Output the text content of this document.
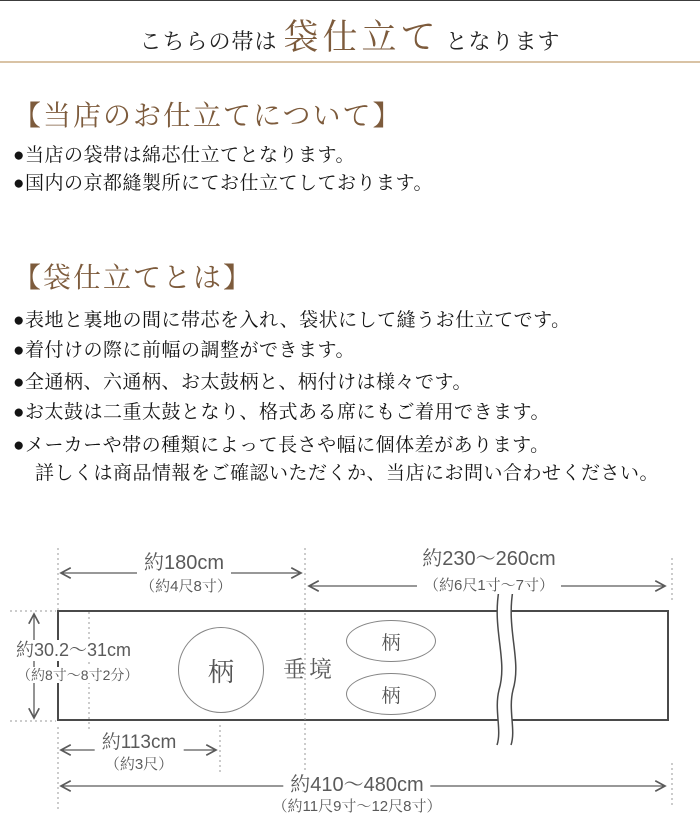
こちらの帯は 袋仕立て となります
【当店のお仕立てについて】
●当店の袋帯は綿芯仕立てとなります。
●国内の京都縫製所にてお仕立てしております。
【袋仕立てとは】
●表地と裏地の間に帯芯を入れ、袋状にして縫うお仕立てです。
●着付けの際に前幅の調整ができます。
●全通柄、六通柄、お太鼓柄と、柄付けは様々です。
●お太鼓は二重太鼓となり、格式ある席にもご着用できます。
●メーカーや帯の種類によって長さや幅に個体差があります。
詳しくは商品情報をご確認いただくか、当店にお問い合わせください。
柄
柄
柄
約180cm
（約4尺8寸）
約230〜260cm
（約6尺1寸〜7寸）
約30.2〜31cm
（約8寸〜8寸2分）
約113cm
（約3尺）
約410〜480cm
（約11尺9寸〜12尺8寸）
垂境
